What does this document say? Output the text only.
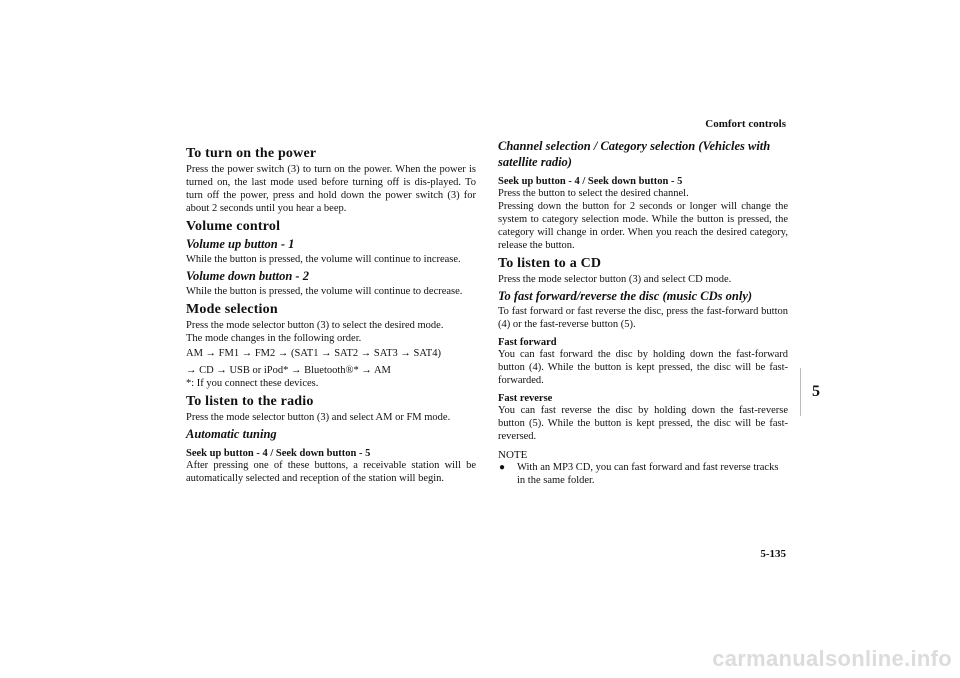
Comfort controls
5
To turn on the power

Press the power switch (3) to turn on the power. When the power is turned on, the last mode used before turning off is dis-played. To turn off the power, press and hold down the power switch (3) for about 2 seconds until you hear a beep.

Volume control
Volume up button - 1

While the button is pressed, the volume will continue to increase.

Volume down button - 2

While the button is pressed, the volume will continue to decrease.

Mode selection

Press the mode selector button (3) to select the desired mode.

The mode changes in the following order.

AM → FM1 → FM2 → (SAT1 → SAT2 → SAT3 → SAT4)

→ CD → USB or iPod* → Bluetooth®* → AM

*: If you connect these devices.

To listen to the radio

Press the mode selector button (3) and select AM or FM mode.

Automatic tuning
Seek up button - 4 / Seek down button - 5

After pressing one of these buttons, a receivable station will be automatically selected and reception of the station will begin.

Channel selection / Category selection (Vehicles with satellite radio)
Seek up button - 4 / Seek down button - 5

Press the button to select the desired channel.

Pressing down the button for 2 seconds or longer will change the system to category selection mode. While the button is pressed, the category will change in order. When you reach the desired category, release the button.

To listen to a CD

Press the mode selector button (3) and select CD mode.

To fast forward/reverse the disc (music CDs only)

To fast forward or fast reverse the disc, press the fast-forward button (4) or the fast-reverse button (5).

Fast forward

You can fast forward the disc by holding down the fast-forward button (4). While the button is kept pressed, the disc will be fast-forwarded.

Fast reverse

You can fast reverse the disc by holding down the fast-reverse button (5). While the button is kept pressed, the disc will be fast-reversed.

NOTE
●	With an MP3 CD, you can fast forward and fast reverse tracks in the same folder.
5-135
carmanualsonline.info
